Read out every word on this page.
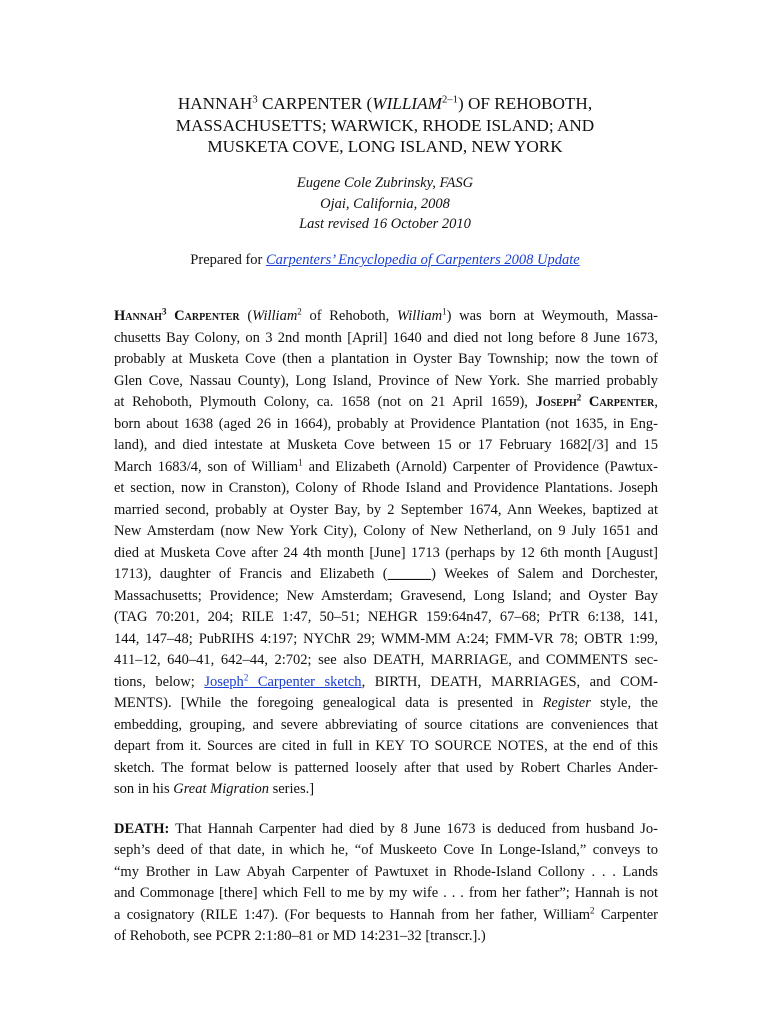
HANNAH$^3$ CARPENTER (WILLIAM$^{2-1}$) OF REHOBOTH,
MASSACHUSETTS; WARWICK, RHODE ISLAND; AND
MUSKETA COVE, LONG ISLAND, NEW YORK
Eugene Cole Zubrinsky, FASG
Ojai, California, 2008
Last revised 16 October 2010
Prepared for Carpenters’ Encyclopedia of Carpenters 2008 Update

Hannah$^3$ Carpenter (William$^2$ of Rehoboth, William$^1$) was born at Weymouth, Massa-
chusetts Bay Colony, on 3 2nd month [April] 1640 and died not long before 8 June 1673,
probably at Musketa Cove (then a plantation in Oyster Bay Township; now the town of
Glen Cove, Nassau County), Long Island, Province of New York. She married probably
at Rehoboth, Plymouth Colony, ca. 1658 (not on 21 April 1659), Joseph$^2$ Carpenter,
born about 1638 (aged 26 in 1664), probably at Providence Plantation (not 1635, in Eng-
land), and died intestate at Musketa Cove between 15 or 17 February 1682[/3] and 15
March 1683/4, son of William$^1$ and Elizabeth (Arnold) Carpenter of Providence (Pawtux-
et section, now in Cranston), Colony of Rhode Island and Providence Plantations. Joseph
married second, probably at Oyster Bay, by 2 September 1674, Ann Weekes, baptized at
New Amsterdam (now New York City), Colony of New Netherland, on 9 July 1651 and
died at Musketa Cove after 24 4th month [June] 1713 (perhaps by 12 6th month [August]
1713), daughter of Francis and Elizabeth (______) Weekes of Salem and Dorchester,
Massachusetts; Providence; New Amsterdam; Gravesend, Long Island; and Oyster Bay
(TAG 70:201, 204; RILE 1:47, 50–51; NEHGR 159:64n47, 67–68; PrTR 6:138, 141,
144, 147–48; PubRIHS 4:197; NYChR 29; WMM-MM A:24; FMM-VR 78; OBTR 1:99,
411–12, 640–41, 642–44, 2:702; see also DEATH, MARRIAGE, and COMMENTS sec-
tions, below; Joseph$^2$ Carpenter sketch, BIRTH, DEATH, MARRIAGES, and COM-
MENTS). [While the foregoing genealogical data is presented in Register style, the
embedding, grouping, and severe abbreviating of source citations are conveniences that
depart from it. Sources are cited in full in KEY TO SOURCE NOTES, at the end of this
sketch. The format below is patterned loosely after that used by Robert Charles Ander-
son in his Great Migration series.]

DEATH: That Hannah Carpenter had died by 8 June 1673 is deduced from husband Jo-
seph’s deed of that date, in which he, “of Muskeeto Cove In Longe-Island,” conveys to
“my Brother in Law Abyah Carpenter of Pawtuxet in Rhode-Island Collony . . . Lands
and Commonage [there] which Fell to me by my wife . . . from her father”; Hannah is not
a cosignatory (RILE 1:47). (For bequests to Hannah from her father, William$^2$ Carpenter
of Rehoboth, see PCPR 2:1:80–81 or MD 14:231–32 [transcr.].)
